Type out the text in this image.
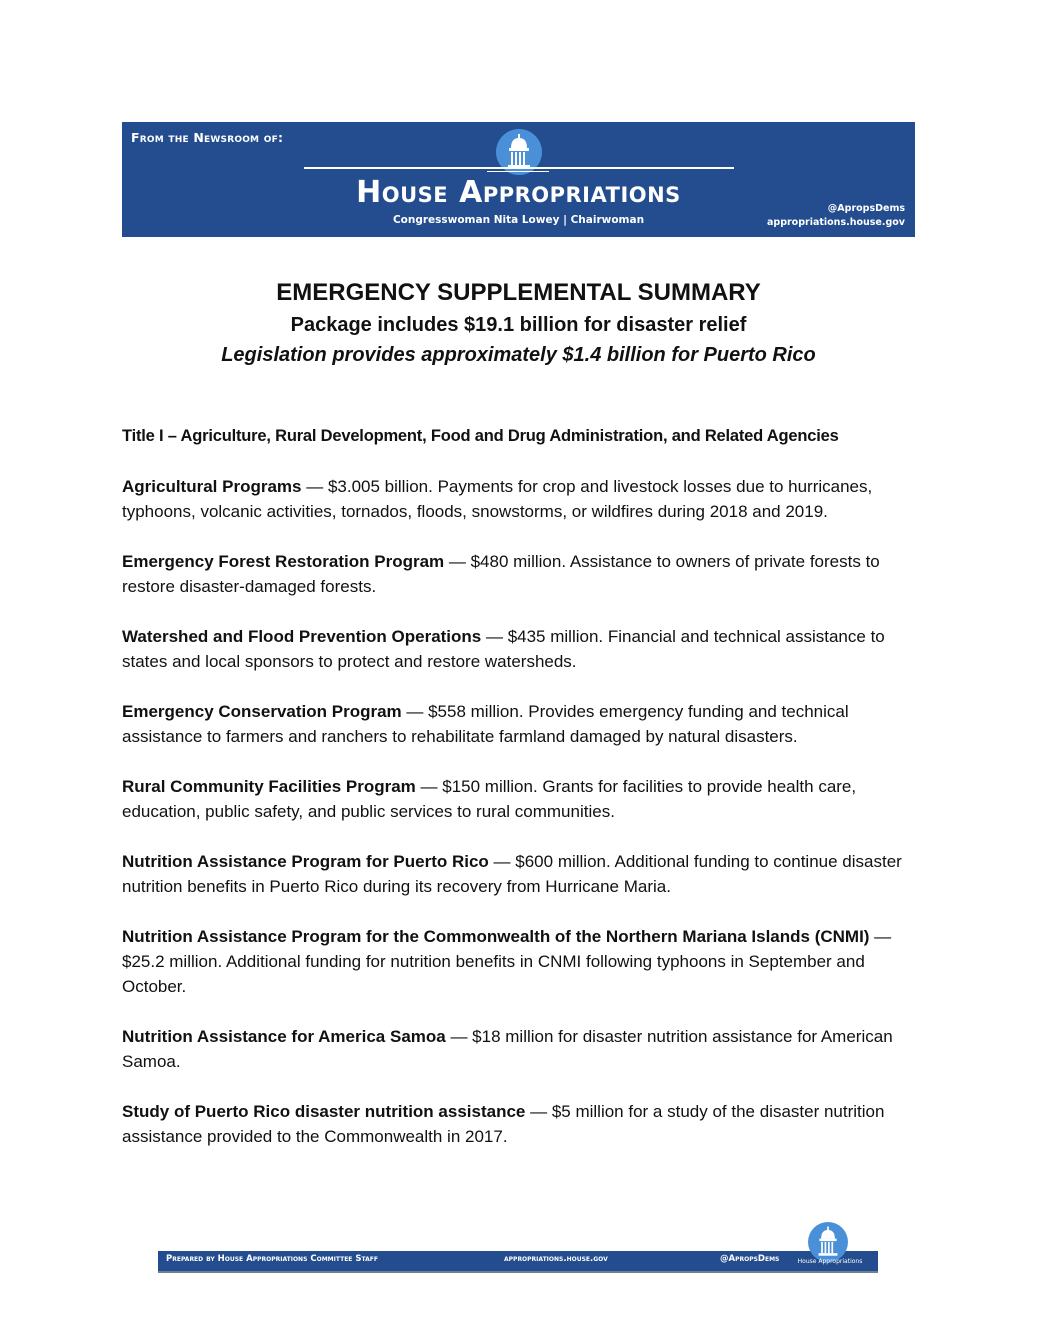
From the Newsroom of:
House Appropriations
Congresswoman Nita Lowey | Chairwoman
@ApropsDems
appropriations.house.gov
EMERGENCY SUPPLEMENTAL SUMMARY
Package includes $19.1 billion for disaster relief
Legislation provides approximately $1.4 billion for Puerto Rico

Title I – Agriculture, Rural Development, Food and Drug Administration, and Related Agencies

Agricultural Programs — $3.005 billion. Payments for crop and livestock losses due to hurricanes, typhoons, volcanic activities, tornados, floods, snowstorms, or wildfires during 2018 and 2019.

Emergency Forest Restoration Program — $480 million. Assistance to owners of private forests to restore disaster-damaged forests.

Watershed and Flood Prevention Operations — $435 million. Financial and technical assistance to states and local sponsors to protect and restore watersheds.

Emergency Conservation Program — $558 million. Provides emergency funding and technical assistance to farmers and ranchers to rehabilitate farmland damaged by natural disasters.

Rural Community Facilities Program — $150 million. Grants for facilities to provide health care, education, public safety, and public services to rural communities.

Nutrition Assistance Program for Puerto Rico — $600 million. Additional funding to continue disaster nutrition benefits in Puerto Rico during its recovery from Hurricane Maria.

Nutrition Assistance Program for the Commonwealth of the Northern Mariana Islands (CNMI) — $25.2 million. Additional funding for nutrition benefits in CNMI following typhoons in September and October.

Nutrition Assistance for America Samoa — $18 million for disaster nutrition assistance for American Samoa.

Study of Puerto Rico disaster nutrition assistance — $5 million for a study of the disaster nutrition assistance provided to the Commonwealth in 2017.

Prepared by House Appropriations Committee Staff	appropriations.house.gov	@ApropsDems	House Appropriations
